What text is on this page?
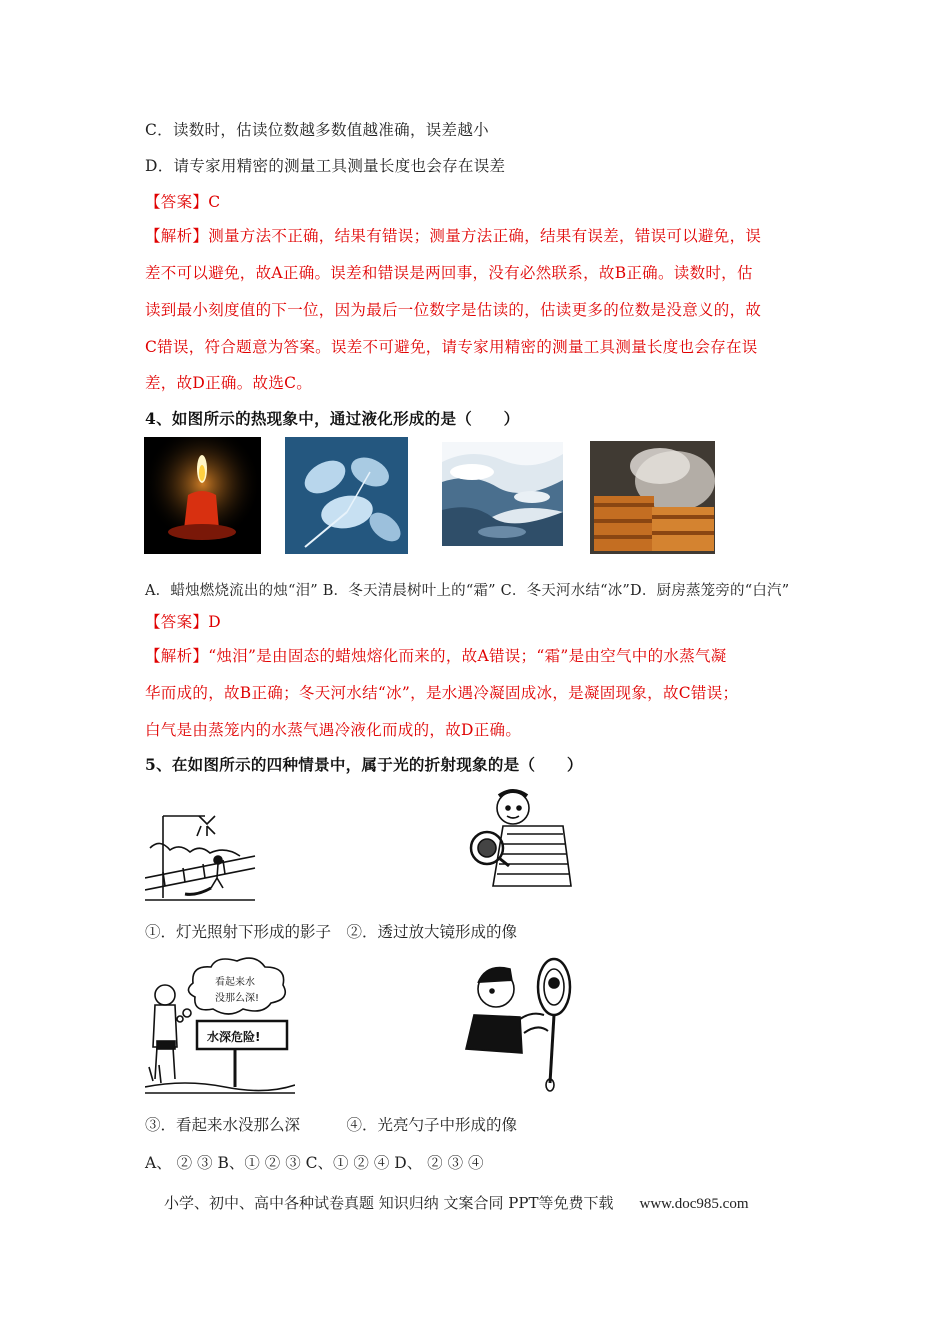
C．读数时，估读位数越多数值越准确，误差越小
D．请专家用精密的测量工具测量长度也会存在误差
【答案】C
【解析】测量方法不正确，结果有错误；测量方法正确，结果有误差，错误可以避免，误
差不可以避免，故A正确。误差和错误是两回事，没有必然联系，故B正确。读数时，估
读到最小刻度值的下一位，因为最后一位数字是估读的，估读更多的位数是没意义的，故
C错误，符合题意为答案。误差不可避免，请专家用精密的测量工具测量长度也会存在误
差，故D正确。故选C。
4、如图所示的热现象中，通过液化形成的是（　　）
A．蜡烛燃烧流出的烛“泪” B．冬天清晨树叶上的“霜” C．冬天河水结“冰”D．厨房蒸笼旁的“白汽”
【答案】D
【解析】“烛泪”是由固态的蜡烛熔化而来的，故A错误；“霜”是由空气中的水蒸气凝
华而成的，故B正确；冬天河水结“冰”，是水遇冷凝固成冰，是凝固现象，故C错误；
白气是由蒸笼内的水蒸气遇冷液化而成的，故D正确。
5、在如图所示的四种情景中，属于光的折射现象的是（　　）
①．灯光照射下形成的影子　②．透过放大镜形成的像
看起来水
没那么深!
水深危险!
③．看起来水没那么深　　　④．光亮勺子中形成的像
A、 ② ③ B、① ② ③ C、① ② ④ D、 ② ③ ④
小学、初中、高中各种试卷真题 知识归纳 文案合同 PPT等免费下载 www.doc985.com
